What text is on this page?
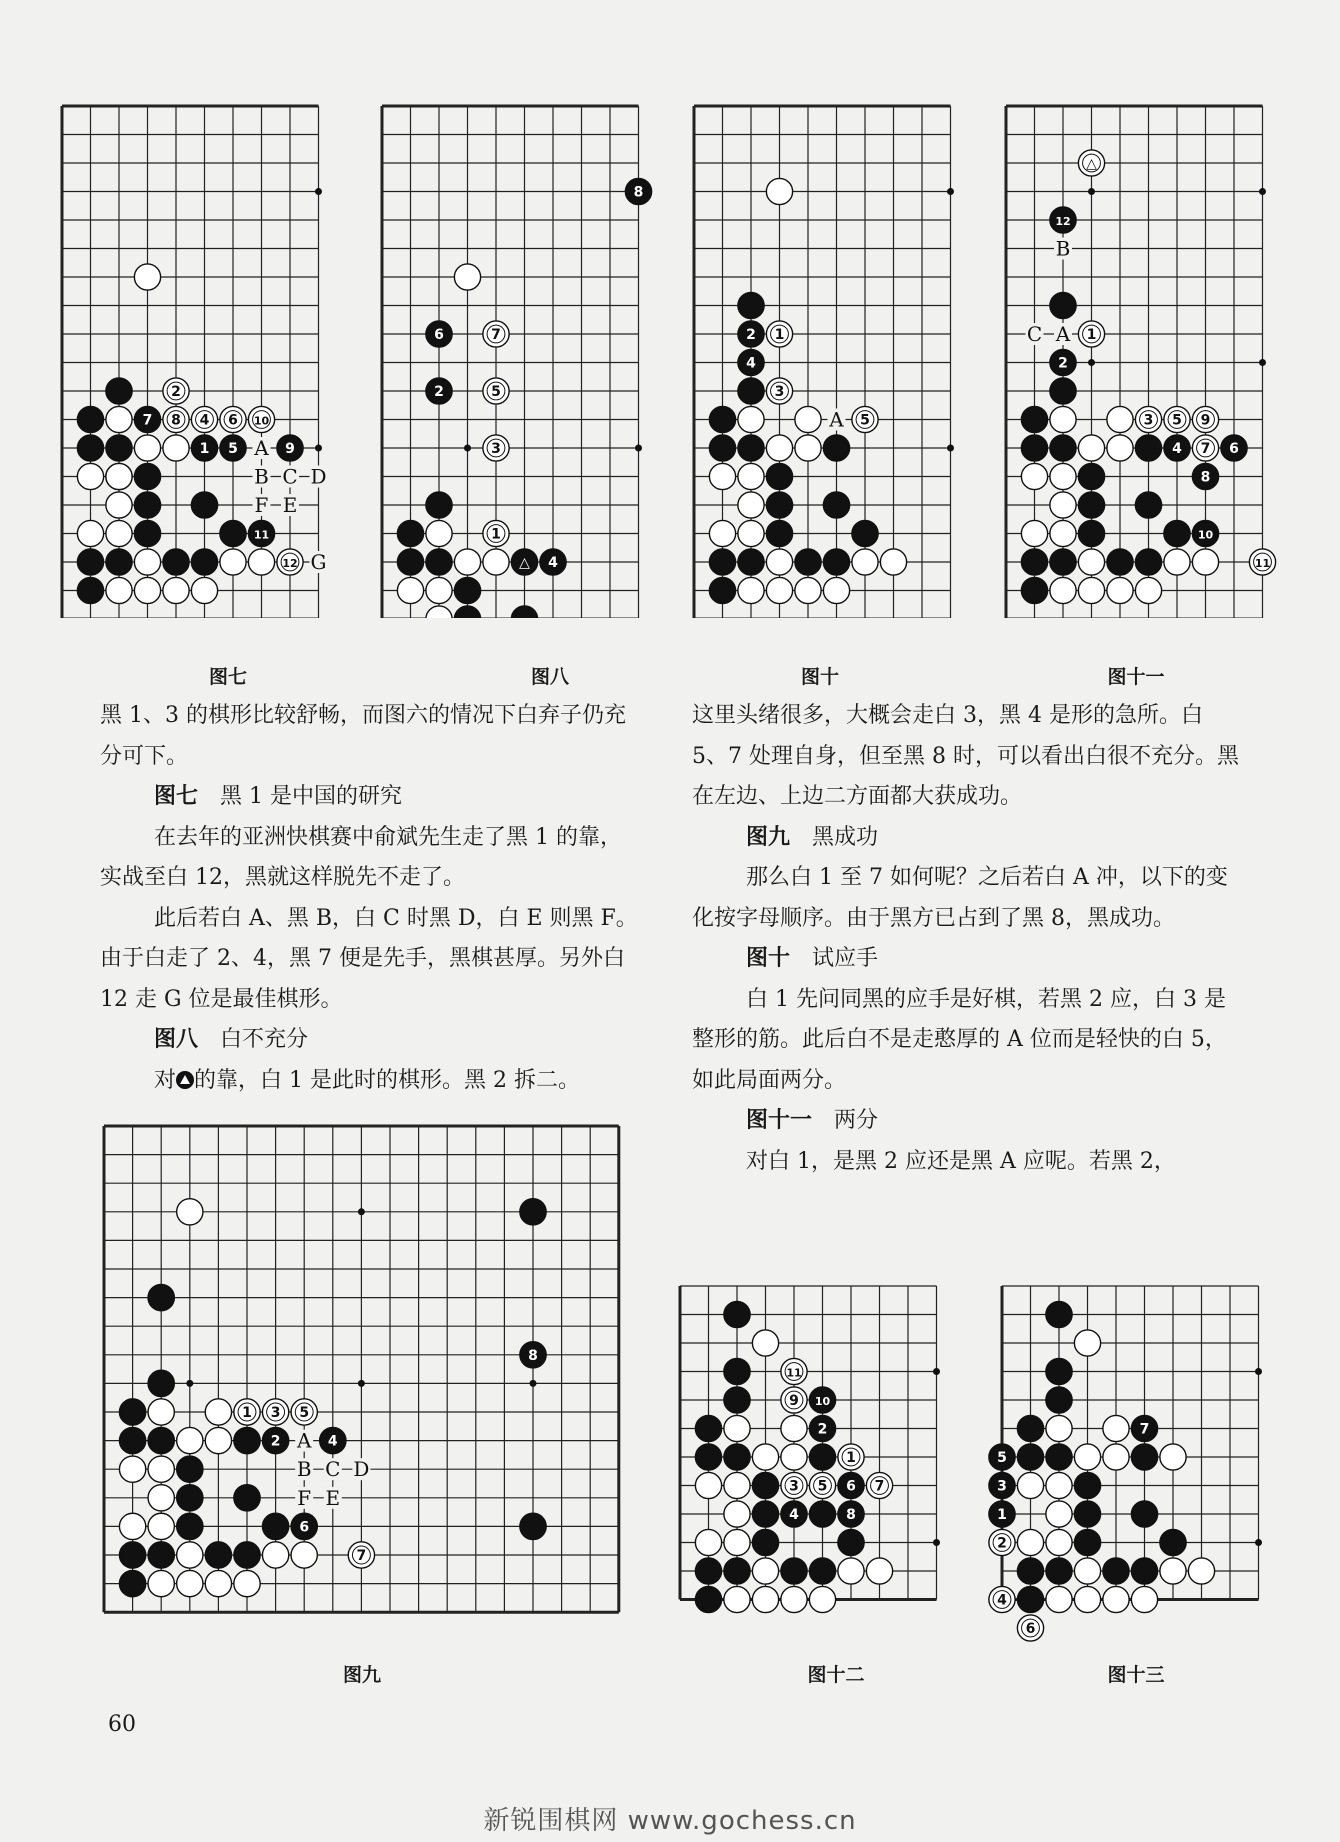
2
7 8 4 6 10
1 5 A 9
B C D
F E
11
12 G
8
6	7
2	5
3
1
△ 4
2 1
4
3
A 5
△
12
B
C A 1
2
3 5 9
4 7 6
8
10
11
图七	图八	图十	图十一

黑 1、3 的棋形比较舒畅，而图六的情况下白弃子仍充分可下。

图七 黑 1 是中国的研究

在去年的亚洲快棋赛中俞斌先生走了黑 1 的靠，实战至白 12，黑就这样脱先不走了。

此后若白 A、黑 B，白 C 时黑 D，白 E 则黑 F。由于白走了 2、4，黑 7 便是先手，黑棋甚厚。另外白 12 走 G 位是最佳棋形。

图八 白不充分

对 的靠，白 1 是此时的棋形。黑 2 拆二。

这里头绪很多，大概会走白 3，黑 4 是形的急所。白 5、7 处理自身，但至黑 8 时，可以看出白很不充分。黑在左边、上边二方面都大获成功。

图九 黑成功

那么白 1 至 7 如何呢？之后若白 A 冲，以下的变化按字母顺序。由于黑方已占到了黑 8，黑成功。

图十 试应手

白 1 先问同黑的应手是好棋，若黑 2 应，白 3 是整形的筋。此后白不是走憨厚的 A 位而是轻快的白 5，如此局面两分。

图十一 两分

对白 1，是黑 2 应还是黑 A 应呢。若黑 2，

8
1 3 5
2 A 4
B C D
F E
6
7
11
9 10
2
1
3 5 6 7
4	8
7
5
3
1
2
4
6
图九	图十二	图十三
60
新锐围棋网 www.gochess.cn
